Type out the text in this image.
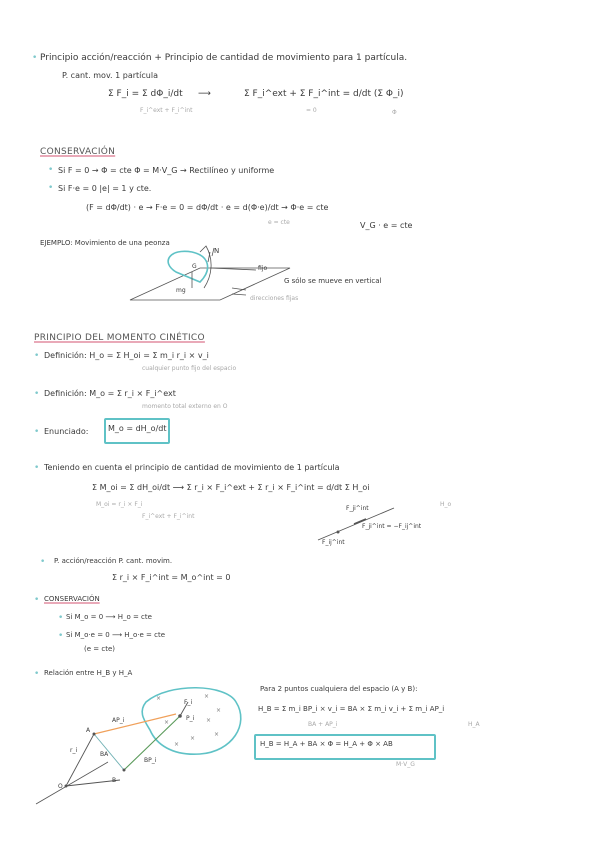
• Principio acción/reacción + Principio de cantidad de movimiento para 1 partícula.
P. cant. mov. 1 partícula
Σ F_i = Σ dΦ_i/dt
F_i^ext + F_i^int
⟶	Σ F_i^ext + Σ F_i^int = d/dt (Σ Φ_i)
= 0	Φ
CONSERVACIÓN
• Si F = 0 → Φ = cte Φ = M·V_G → Rectilíneo y uniforme
• Si F·e = 0 |e| = 1 y cte.
(F = dΦ/dt) · e → F·e = 0 = dΦ/dt · e = d(Φ·e)/dt → Φ·e = cte
e = cte	V_G · e = cte
EJEMPLO: Movimiento de una peonza
N
G	fijo
mg
G sólo se mueve en vertical
direcciones fijas
PRINCIPIO DEL MOMENTO CINÉTICO
• Definición: H_o = Σ H_oi = Σ m_i r_i × v_i
cualquier punto fijo del espacio
• Definición: M_o = Σ r_i × F_i^ext
momento total externo en O
• Enunciado: M_o = dH_o/dt
• Teniendo en cuenta el principio de cantidad de movimiento de 1 partícula
Σ M_oi = Σ dH_oi/dt ⟶ Σ r_i × F_i^ext + Σ r_i × F_i^int = d/dt Σ H_oi
M_oi = r_i × F_i
F_i^ext + F_i^int
H_o
F_ji^int
F_ij^int
F_ji^int = −F_ij^int
• P. acción/reacción P. cant. movim.
Σ r_i × F_i^int = M_o^int = 0
• CONSERVACIÓN
• Si M_o = 0 ⟶ H_o = cte
• Si M_o·e = 0 ⟶ H_o·e = cte
(e = cte)
• Relación entre H_B y H_A
×	×
×
×
×
×
×
×
O
A
B
r_i
BA
BP_i
AP_i	P_i
F_i
Para 2 puntos cualquiera del espacio (A y B):
H_B = Σ m_i BP_i × v_i = BA × Σ m_i v_i + Σ m_i AP_i
BA + AP_i	H_A
H_B = H_A + BA × Φ = H_A + Φ × AB
M·V_G
